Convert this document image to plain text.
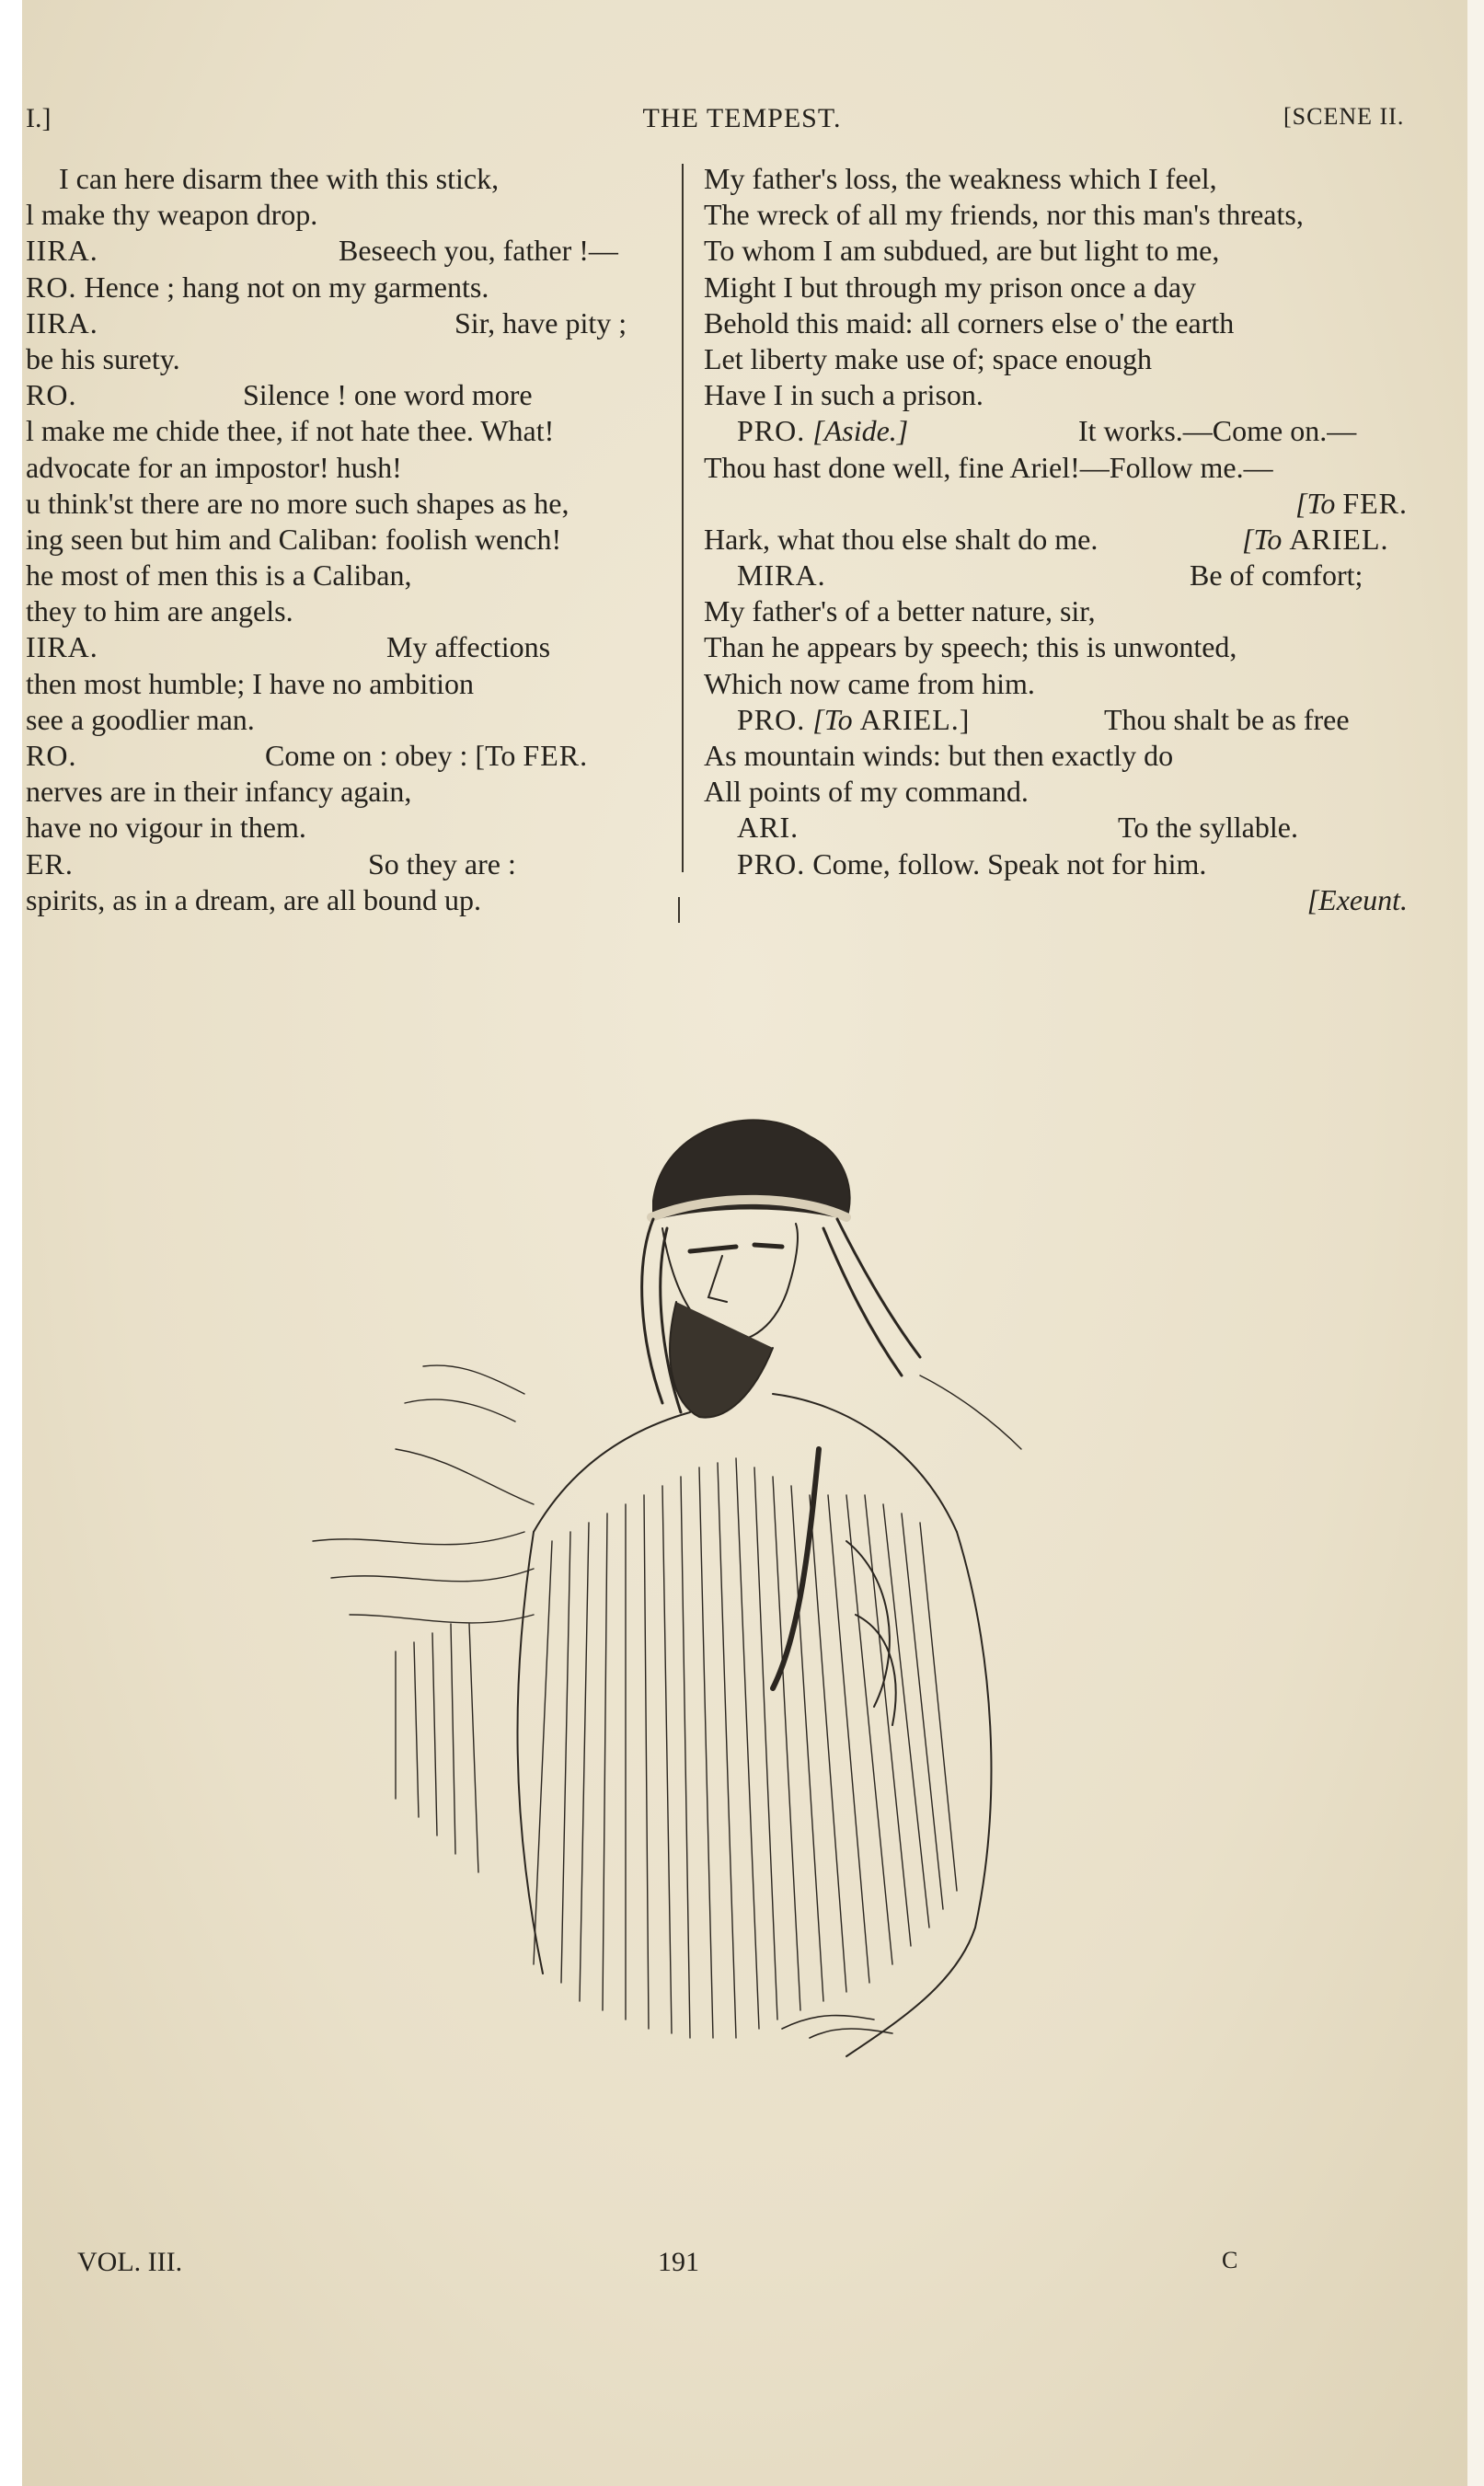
I.]	THE TEMPEST.	[SCENE II.
I can here disarm thee with this stick,
l make thy weapon drop.
IIRA.	Beseech you, father !—
RO. Hence ; hang not on my garments.
IIRA.	Sir, have pity ;
be his surety.
RO.	Silence ! one word more
l make me chide thee, if not hate thee. What!
advocate for an impostor! hush!
u think'st there are no more such shapes as he,
ing seen but him and Caliban: foolish wench!
he most of men this is a Caliban,
they to him are angels.
IIRA.	My affections
then most humble; I have no ambition
see a goodlier man.
RO.	Come on : obey : [To FER.
nerves are in their infancy again,
have no vigour in them.
ER.	So they are :
spirits, as in a dream, are all bound up.
My father's loss, the weakness which I feel,
The wreck of all my friends, nor this man's threats,
To whom I am subdued, are but light to me,
Might I but through my prison once a day
Behold this maid: all corners else o' the earth
Let liberty make use of; space enough
Have I in such a prison.
PRO. [Aside.]	It works.—Come on.—
Thou hast done well, fine Ariel!—Follow me.—
[To FER.
Hark, what thou else shalt do me.	[To ARIEL.
MIRA.	Be of comfort;
My father's of a better nature, sir,
Than he appears by speech; this is unwonted,
Which now came from him.
PRO. [To ARIEL.]	Thou shalt be as free
As mountain winds: but then exactly do
All points of my command.
ARI.	To the syllable.
PRO. Come, follow. Speak not for him.
[Exeunt.
VOL. III.	191	C
